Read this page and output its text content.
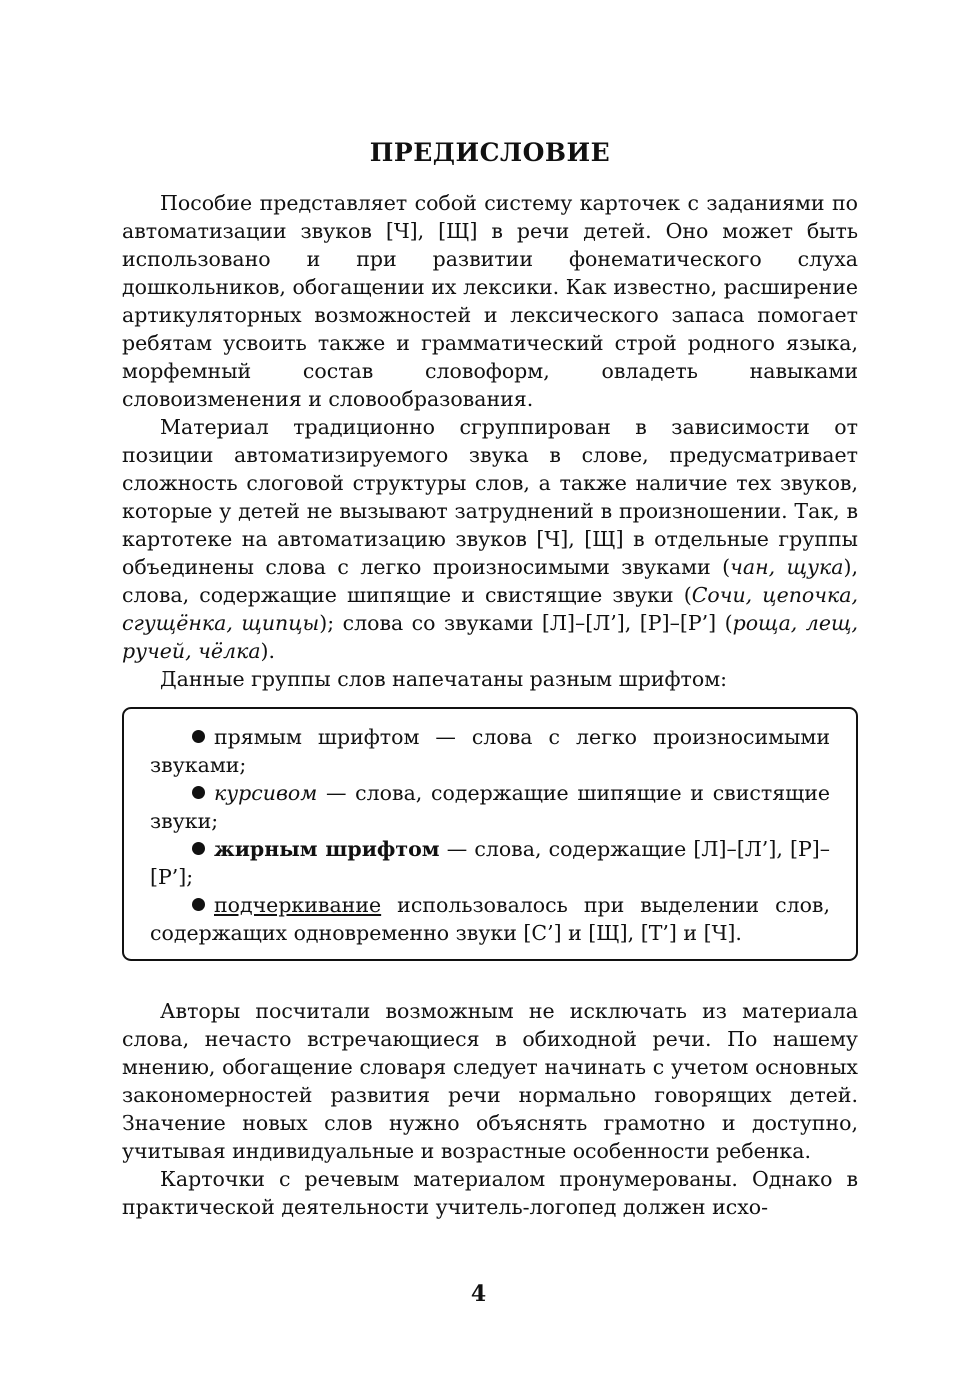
ПРЕДИСЛОВИЕ

Пособие представляет собой систему карточек с заданиями по автоматизации звуков [Ч], [Щ] в речи детей. Оно может быть использовано и при развитии фонематического слуха дошкольников, обогащении их лексики. Как известно, расширение артикуляторных возможностей и лексического запаса помогает ребятам усвоить также и грамматический строй родного языка, морфемный состав словоформ, овладеть навыками словоизменения и словообразования.

Материал традиционно сгруппирован в зависимости от позиции автоматизируемого звука в слове, предусматривает сложность слоговой структуры слов, а также наличие тех звуков, которые у детей не вызывают затруднений в произношении. Так, в картотеке на автоматизацию звуков [Ч], [Щ] в отдельные группы объединены слова с легко произносимыми звуками (чан, щука), слова, содержащие шипящие и свистящие звуки (Сочи, цепочка, сгущёнка, щипцы); слова со звуками [Л]–[Л’], [Р]–[Р’] (роща, лещ, ручей, чёлка).

Данные группы слов напечатаны разным шрифтом:

прямым шрифтом — слова с легко произносимыми звуками;

курсивом — слова, содержащие шипящие и свистящие звуки;

жирным шрифтом — слова, содержащие [Л]–[Л’], [Р]–[Р’];

подчеркивание использовалось при выделении слов, содержащих одновременно звуки [С’] и [Щ], [Т’] и [Ч].

Авторы посчитали возможным не исключать из материала слова, нечасто встречающиеся в обиходной речи. По нашему мнению, обогащение словаря следует начинать с учетом основных закономерностей развития речи нормально говорящих детей. Значение новых слов нужно объяснять грамотно и доступно, учитывая индивидуальные и возрастные особенности ребенка.

Карточки с речевым материалом пронумерованы. Однако в практической деятельности учитель-логопед должен исхо-

4
